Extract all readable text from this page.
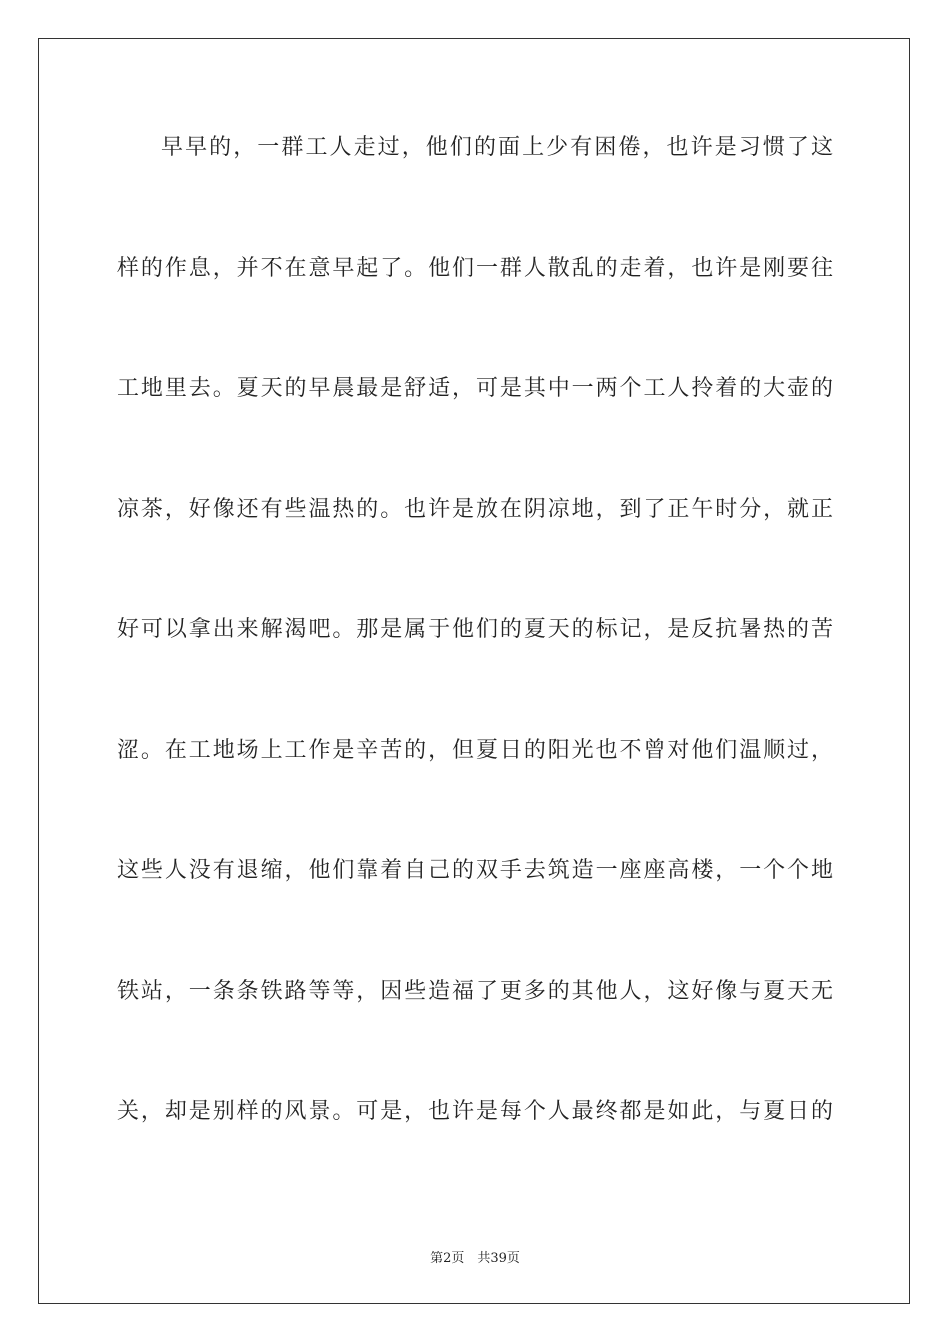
早早的，一群工人走过，他们的面上少有困倦，也许是习惯了这
样的作息，并不在意早起了。他们一群人散乱的走着，也许是刚要往
工地里去。夏天的早晨最是舒适，可是其中一两个工人拎着的大壶的
凉茶，好像还有些温热的。也许是放在阴凉地，到了正午时分，就正
好可以拿出来解渴吧。那是属于他们的夏天的标记，是反抗暑热的苦
涩。在工地场上工作是辛苦的，但夏日的阳光也不曾对他们温顺过，
这些人没有退缩，他们靠着自己的双手去筑造一座座高楼，一个个地
铁站，一条条铁路等等，因些造福了更多的其他人，这好像与夏天无
关，却是别样的风景。可是，也许是每个人最终都是如此，与夏日的
第2页　共39页
